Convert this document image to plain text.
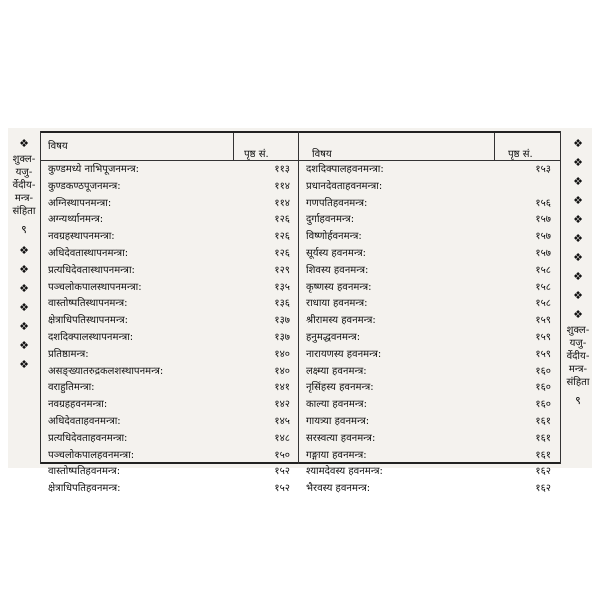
विषय
पृष्ठ सं.	विषय	पृष्ठ सं.
कुण्डमध्ये नाभिपूजनमन्त्र:	११३
कुण्डकण्ठपूजनमन्त्र:	११४
अग्निस्थापनमन्त्रा:	११४
अग्न्यर्थ्यानमन्त्र:	१२६
नवग्रहस्थापनमन्त्रा:	१२६
अधिदेवतास्थापनमन्त्रा:	१२६
प्रत्यधिदेवतास्थापनमन्त्रा:	१२९
पञ्चलोकपालस्थापनमन्त्रा:	१३५
वास्तोष्पतिस्थापनमन्त्र:	१३६
क्षेत्राधिपतिस्थापनमन्त्र:	१३७
दशदिक्पालस्थापनमन्त्रा:	१३७
प्रतिष्ठामन्त्र:	१४०
असङ्ख्यातरुद्रकलशस्थापनमन्त्र:	१४०
वराहुतिमन्त्रा:	१४१
नवग्रहहवनमन्त्रा:	१४२
अधिदेवताहवनमन्त्रा:	१४५
प्रत्यधिदेवताहवनमन्त्रा:	१४८
पञ्चलोकपालहवनमन्त्रा:	१५०
वास्तोष्पतिहवनमन्त्र:	१५२
क्षेत्राधिपतिहवनमन्त्र:	१५२
दशदिक्पालहवनमन्त्रा:	१५३
प्रधानदेवताहवनमन्त्रा:
गणपतिहवनमन्त्र:	१५६
दुर्गाहवनमन्त्र:	१५७
विष्णोर्हवनमन्त्र:	१५७
सूर्यस्य हवनमन्त्र:	१५७
शिवस्य हवनमन्त्र:	१५८
कृष्णस्य हवनमन्त्र:	१५८
राधाया हवनमन्त्र:	१५८
श्रीरामस्य हवनमन्त्र:	१५९
हनुमद्धवनमन्त्र:	१५९
नारायणस्य हवनमन्त्र:	१५९
लक्ष्म्या हवनमन्त्र:	१६०
नृसिंहस्य हवनमन्त्र:	१६०
काल्या हवनमन्त्र:	१६०
गायत्र्या हवनमन्त्र:	१६१
सरस्वत्या हवनमन्त्र:	१६१
गङ्गाया हवनमन्त्र:	१६१
श्यामदेवस्य हवनमन्त्र:	१६२
भैरवस्य हवनमन्त्र:	१६२
❖
शुक्ल-
यजु-
र्वेदीय-
मन्त्र-
संहिता
९
❖
❖
❖
❖
❖
❖
❖
❖
❖
❖
❖
❖
❖
❖
❖
❖
❖
शुक्ल-
यजु-
र्वेदीय-
मन्त्र-
संहिता
९
